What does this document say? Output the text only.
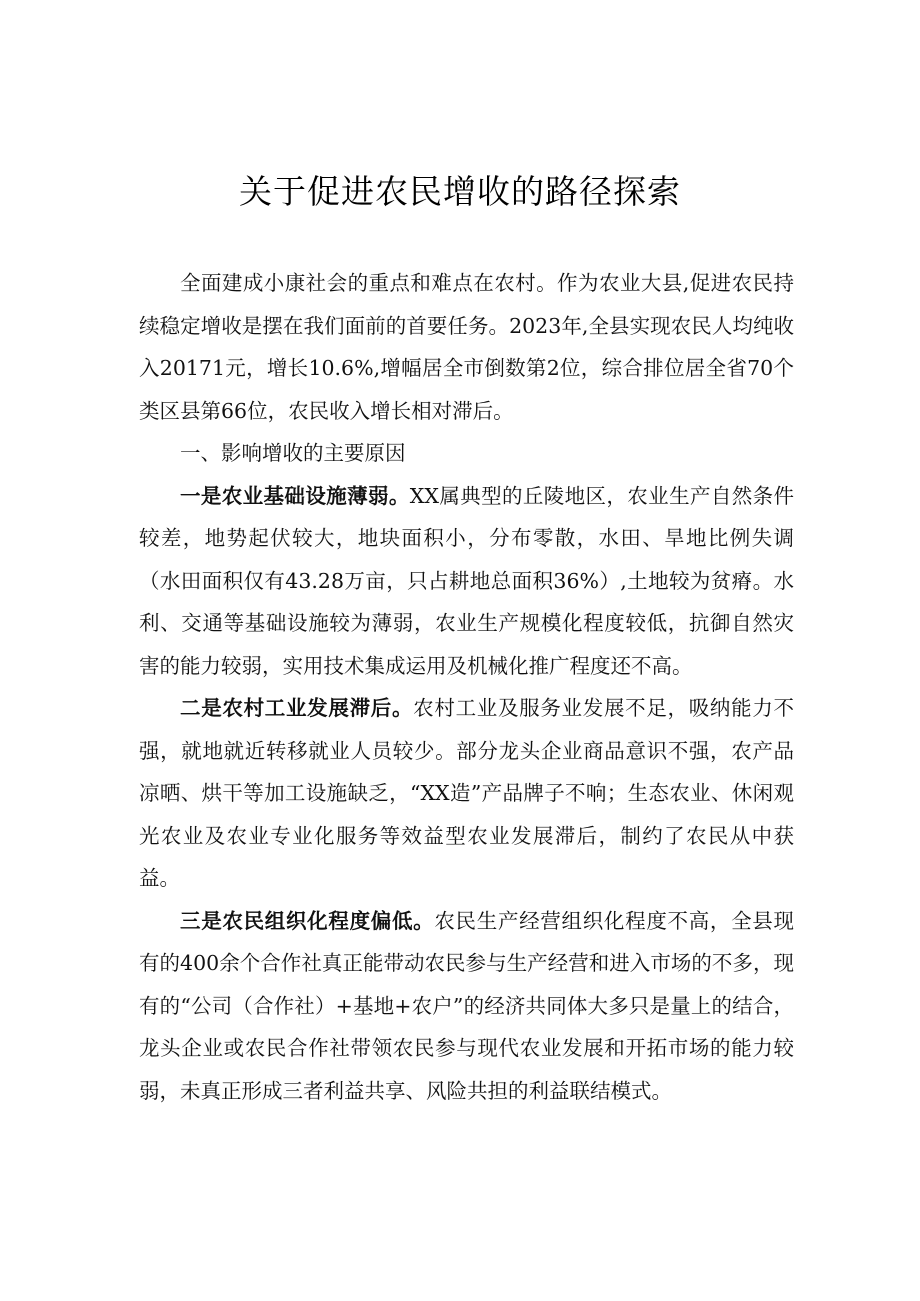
关于促进农民增收的路径探索

全面建成小康社会的重点和难点在农村。作为农业大县,促进农民持续稳定增收是摆在我们面前的首要任务。2023年,全县实现农民人均纯收入20171元，增长10.6%,增幅居全市倒数第2位，综合排位居全省70个类区县第66位，农民收入增长相对滞后。

一、影响增收的主要原因

一是农业基础设施薄弱。XX属典型的丘陵地区，农业生产自然条件较差，地势起伏较大，地块面积小，分布零散，水田、旱地比例失调（水田面积仅有43.28万亩，只占耕地总面积36%）,土地较为贫瘠。水利、交通等基础设施较为薄弱，农业生产规模化程度较低，抗御自然灾害的能力较弱，实用技术集成运用及机械化推广程度还不高。

二是农村工业发展滞后。农村工业及服务业发展不足，吸纳能力不强，就地就近转移就业人员较少。部分龙头企业商品意识不强，农产品凉晒、烘干等加工设施缺乏，“XX造”产品牌子不响；生态农业、休闲观光农业及农业专业化服务等效益型农业发展滞后，制约了农民从中获益。

三是农民组织化程度偏低。农民生产经营组织化程度不高，全县现有的400余个合作社真正能带动农民参与生产经营和进入市场的不多，现有的“公司（合作社）+基地+农户”的经济共同体大多只是量上的结合，龙头企业或农民合作社带领农民参与现代农业发展和开拓市场的能力较弱，未真正形成三者利益共享、风险共担的利益联结模式。
